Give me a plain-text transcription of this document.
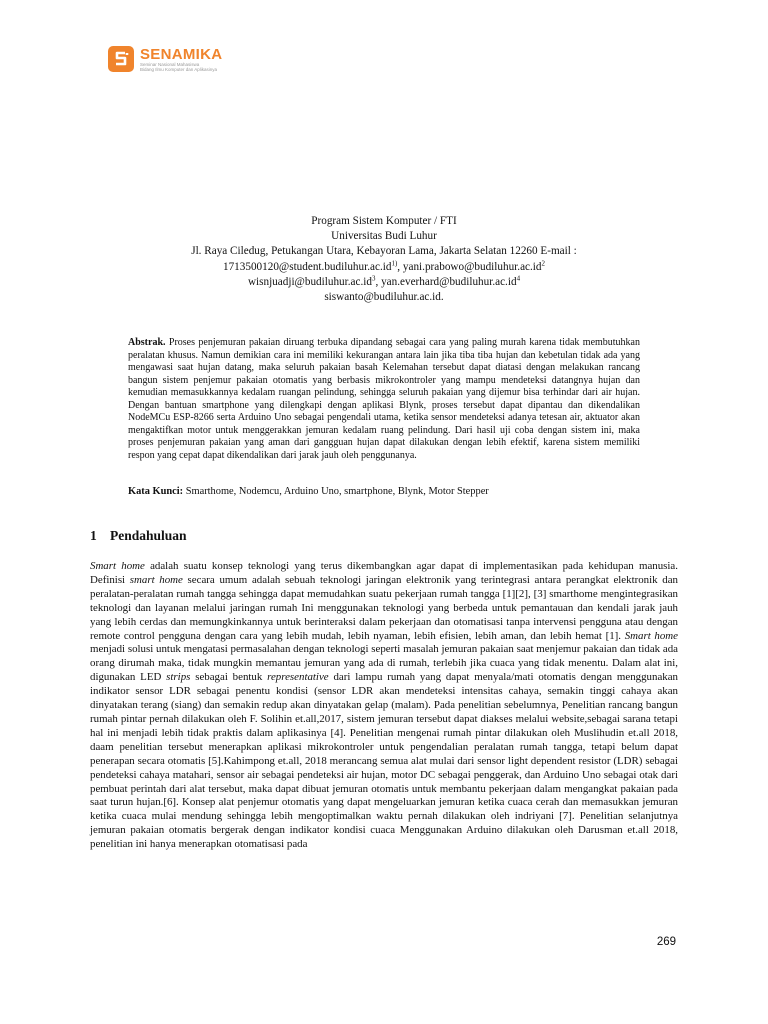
SENAMIKA
Seminar Nasional Mahasiswa
Bidang Ilmu Komputer dan Aplikasinya
Program Sistem Komputer / FTI
Universitas Budi Luhur
Jl. Raya Ciledug, Petukangan Utara, Kebayoran Lama, Jakarta Selatan 12260 E-mail :
$1713500120@student.budiluhur.ac.id^{1)}$, $yani.prabowo@budiluhur.ac.id^2$
$wisnjuadji@budiluhur.ac.id^3$, $yan.everhard@budiluhur.ac.id^4$
siswanto@budiluhur.ac.id.
Abstrak. Proses penjemuran pakaian diruang terbuka dipandang sebagai cara yang paling murah karena tidak membutuhkan peralatan khusus. Namun demikian cara ini memiliki kekurangan antara lain jika tiba tiba hujan dan kebetulan tidak ada yang mengawasi saat hujan datang, maka seluruh pakaian basah Kelemahan tersebut dapat diatasi dengan melakukan rancang bangun sistem penjemur pakaian otomatis yang berbasis mikrokontroler yang mampu mendeteksi datangnya hujan dan kemudian memasukkannya kedalam ruangan pelindung, sehingga seluruh pakaian yang dijemur bisa terhindar dari air hujan. Dengan bantuan smartphone yang dilengkapi dengan aplikasi Blynk, proses tersebut dapat dipantau dan dikendalikan NodeMCu ESP-8266 serta Arduino Uno sebagai pengendali utama, ketika sensor mendeteksi adanya tetesan air, aktuator akan mengaktifkan motor untuk menggerakkan jemuran kedalam ruang pelindung. Dari hasil uji coba dengan sistem ini, maka proses penjemuran pakaian yang aman dari gangguan hujan dapat dilakukan dengan lebih efektif, karena sistem memiliki respon yang cepat dapat dikendalikan dari jarak jauh oleh penggunanya.
Kata Kunci: Smarthome, Nodemcu, Arduino Uno, smartphone, Blynk, Motor Stepper
1 Pendahuluan
Smart home adalah suatu konsep teknologi yang terus dikembangkan agar dapat di implementasikan pada kehidupan manusia. Definisi smart home secara umum adalah sebuah teknologi jaringan elektronik yang terintegrasi antara perangkat elektronik dan peralatan-peralatan rumah tangga sehingga dapat memudahkan suatu pekerjaan rumah tangga [1][2], [3] smarthome mengintegrasikan teknologi dan layanan melalui jaringan rumah Ini menggunakan teknologi yang berbeda untuk pemantauan dan kendali jarak jauh yang lebih cerdas dan memungkinkannya untuk berinteraksi dalam pekerjaan dan otomatisasi tanpa intervensi pengguna atau dengan remote control pengguna dengan cara yang lebih mudah, lebih nyaman, lebih efisien, lebih aman, dan lebih hemat [1]. Smart home menjadi solusi untuk mengatasi permasalahan dengan teknologi seperti masalah jemuran pakaian saat menjemur pakaian dan tidak ada orang dirumah maka, tidak mungkin memantau jemuran yang ada di rumah, terlebih jika cuaca yang tidak menentu. Dalam alat ini, digunakan LED strips sebagai bentuk representative dari lampu rumah yang dapat menyala/mati otomatis dengan menggunakan indikator sensor LDR sebagai penentu kondisi (sensor LDR akan mendeteksi intensitas cahaya, semakin tinggi cahaya akan dinyatakan terang (siang) dan semakin redup akan dinyatakan gelap (malam). Pada penelitian sebelumnya, Penelitian rancang bangun rumah pintar pernah dilakukan oleh F. Solihin et.all,2017, sistem jemuran tersebut dapat diakses melalui website,sebagai sarana tetapi hal ini menjadi lebih tidak praktis dalam aplikasinya [4]. Penelitian mengenai rumah pintar dilakukan oleh Muslihudin et.all 2018, daam penelitian tersebut menerapkan aplikasi mikrokontroler untuk pengendalian peralatan rumah tangga, tetapi belum dapat penerapan secara otomatis [5].Kahimpong et.all, 2018 merancang semua alat mulai dari sensor light dependent resistor (LDR) sebagai pendeteksi cahaya matahari, sensor air sebagai pendeteksi air hujan, motor DC sebagai penggerak, dan Arduino Uno sebagai otak dari pembuat perintah dari alat tersebut, maka dapat dibuat jemuran otomatis untuk membantu pekerjaan dalam mengangkat pakaian pada saat turun hujan.[6]. Konsep alat penjemur otomatis yang dapat mengeluarkan jemuran ketika cuaca cerah dan memasukkan jemuran ketika cuaca mulai mendung sehingga lebih mengoptimalkan waktu pernah dilakukan oleh indriyani [7]. Penelitian selanjutnya jemuran pakaian otomatis bergerak dengan indikator kondisi cuaca Menggunakan Arduino dilakukan oleh Darusman et.all 2018, penelitian ini hanya menerapkan otomatisasi pada
269
